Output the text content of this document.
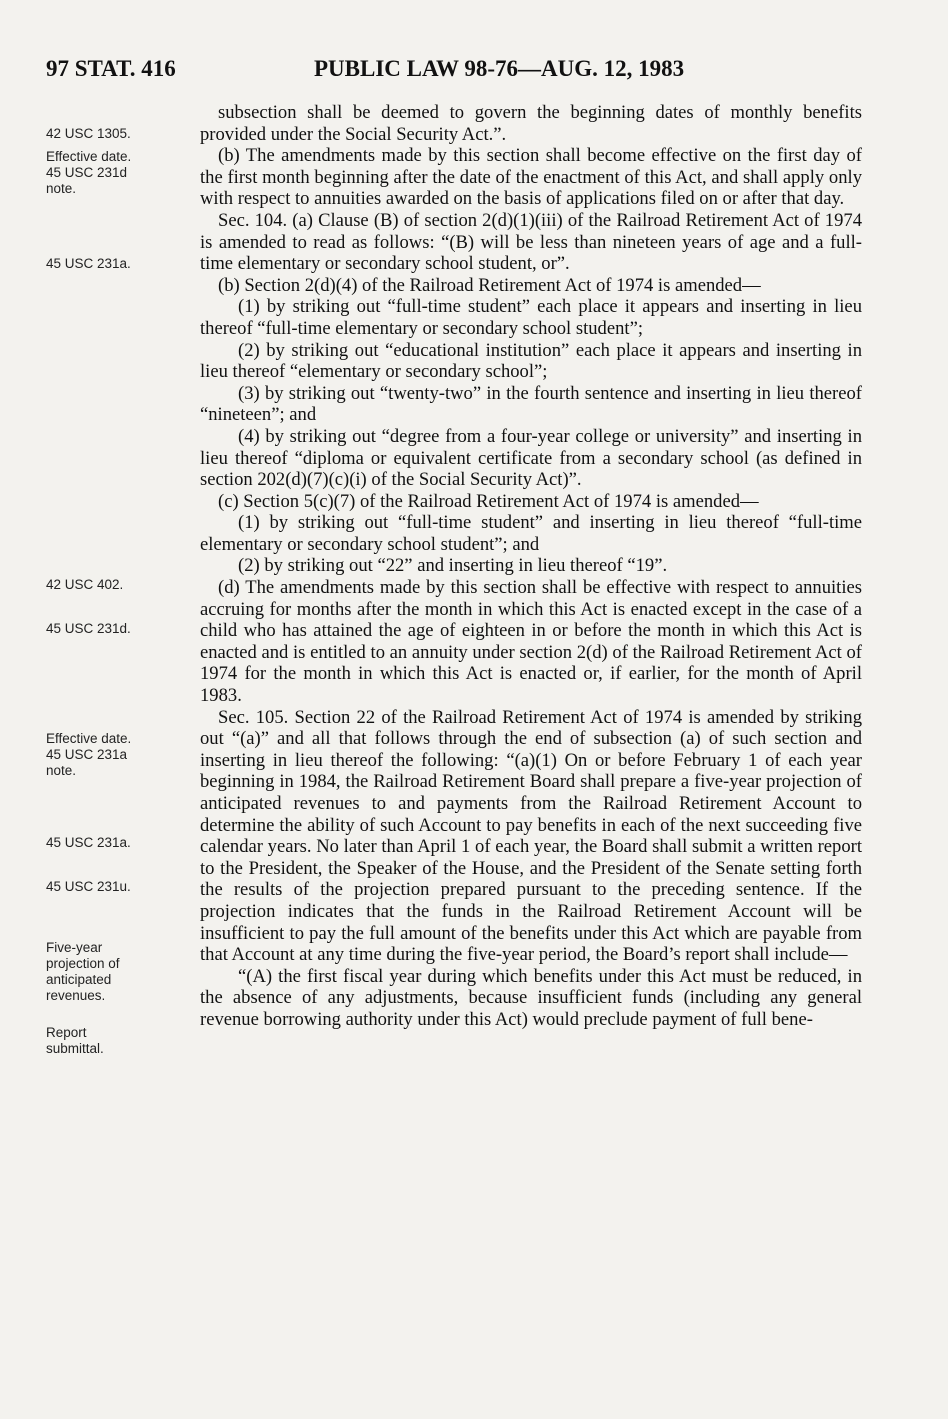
97 STAT. 416	PUBLIC LAW 98-76—AUG. 12, 1983
42 USC 1305.
Effective date.
45 USC 231d
note.
45 USC 231a.
42 USC 402.
45 USC 231d.
Effective date.
45 USC 231a
note.
45 USC 231a.
45 USC 231u.
Five-year
projection of
anticipated
revenues.
Report
submittal.

subsection shall be deemed to govern the beginning dates of monthly benefits provided under the Social Security Act.”.

(b) The amendments made by this section shall become effective on the first day of the first month beginning after the date of the enactment of this Act, and shall apply only with respect to annuities awarded on the basis of applications filed on or after that day.

Sec. 104. (a) Clause (B) of section 2(d)(1)(iii) of the Railroad Retirement Act of 1974 is amended to read as follows: “(B) will be less than nineteen years of age and a full-time elementary or secondary school student, or”.

(b) Section 2(d)(4) of the Railroad Retirement Act of 1974 is amended—

(1) by striking out “full-time student” each place it appears and inserting in lieu thereof “full-time elementary or secondary school student”;

(2) by striking out “educational institution” each place it appears and inserting in lieu thereof “elementary or secondary school”;

(3) by striking out “twenty-two” in the fourth sentence and inserting in lieu thereof “nineteen”; and

(4) by striking out “degree from a four-year college or university” and inserting in lieu thereof “diploma or equivalent certificate from a secondary school (as defined in section 202(d)(7)(c)(i) of the Social Security Act)”.

(c) Section 5(c)(7) of the Railroad Retirement Act of 1974 is amended—

(1) by striking out “full-time student” and inserting in lieu thereof “full-time elementary or secondary school student”; and

(2) by striking out “22” and inserting in lieu thereof “19”.

(d) The amendments made by this section shall be effective with respect to annuities accruing for months after the month in which this Act is enacted except in the case of a child who has attained the age of eighteen in or before the month in which this Act is enacted and is entitled to an annuity under section 2(d) of the Railroad Retirement Act of 1974 for the month in which this Act is enacted or, if earlier, for the month of April 1983.

Sec. 105. Section 22 of the Railroad Retirement Act of 1974 is amended by striking out “(a)” and all that follows through the end of subsection (a) of such section and inserting in lieu thereof the following: “(a)(1) On or before February 1 of each year beginning in 1984, the Railroad Retirement Board shall prepare a five-year projection of anticipated revenues to and payments from the Railroad Retirement Account to determine the ability of such Account to pay benefits in each of the next succeeding five calendar years. No later than April 1 of each year, the Board shall submit a written report to the President, the Speaker of the House, and the President of the Senate setting forth the results of the projection prepared pursuant to the preceding sentence. If the projection indicates that the funds in the Railroad Retirement Account will be insufficient to pay the full amount of the benefits under this Act which are payable from that Account at any time during the five-year period, the Board’s report shall include—

“(A) the first fiscal year during which benefits under this Act must be reduced, in the absence of any adjustments, because insufficient funds (including any general revenue borrowing authority under this Act) would preclude payment of full bene-
